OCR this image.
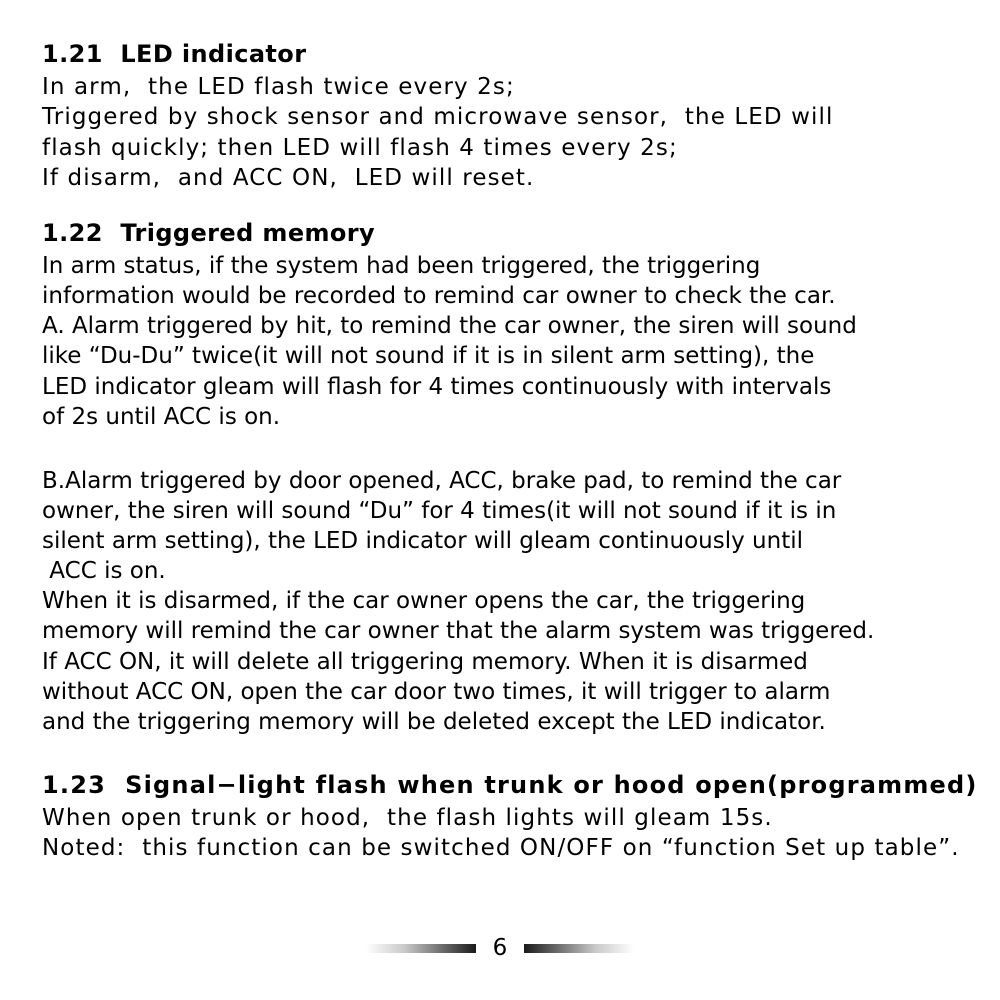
1.21  LED indicator

In arm,  the LED flash twice every 2s;

Triggered by shock sensor and microwave sensor,  the LED will

flash quickly; then LED will flash 4 times every 2s;

If disarm,  and ACC ON,  LED will reset.

1.22  Triggered memory

In arm status, if the system had been triggered, the triggering

information would be recorded to remind car owner to check the car.

A. Alarm triggered by hit, to remind the car owner, the siren will sound

like “Du-Du” twice(it will not sound if it is in silent arm setting), the

LED indicator gleam will flash for 4 times continuously with intervals

of 2s until ACC is on.

B.Alarm triggered by door opened, ACC, brake pad, to remind the car

owner, the siren will sound “Du” for 4 times(it will not sound if it is in

silent arm setting), the LED indicator will gleam continuously until

ACC is on.

When it is disarmed, if the car owner opens the car, the triggering

memory will remind the car owner that the alarm system was triggered.

If ACC ON, it will delete all triggering memory. When it is disarmed

without ACC ON, open the car door two times, it will trigger to alarm

and the triggering memory will be deleted except the LED indicator.

1.23  Signal−light flash when trunk or hood open(programmed)

When open trunk or hood,  the flash lights will gleam 15s.

Noted:  this function can be switched ON/OFF on “function Set up table”.

6
